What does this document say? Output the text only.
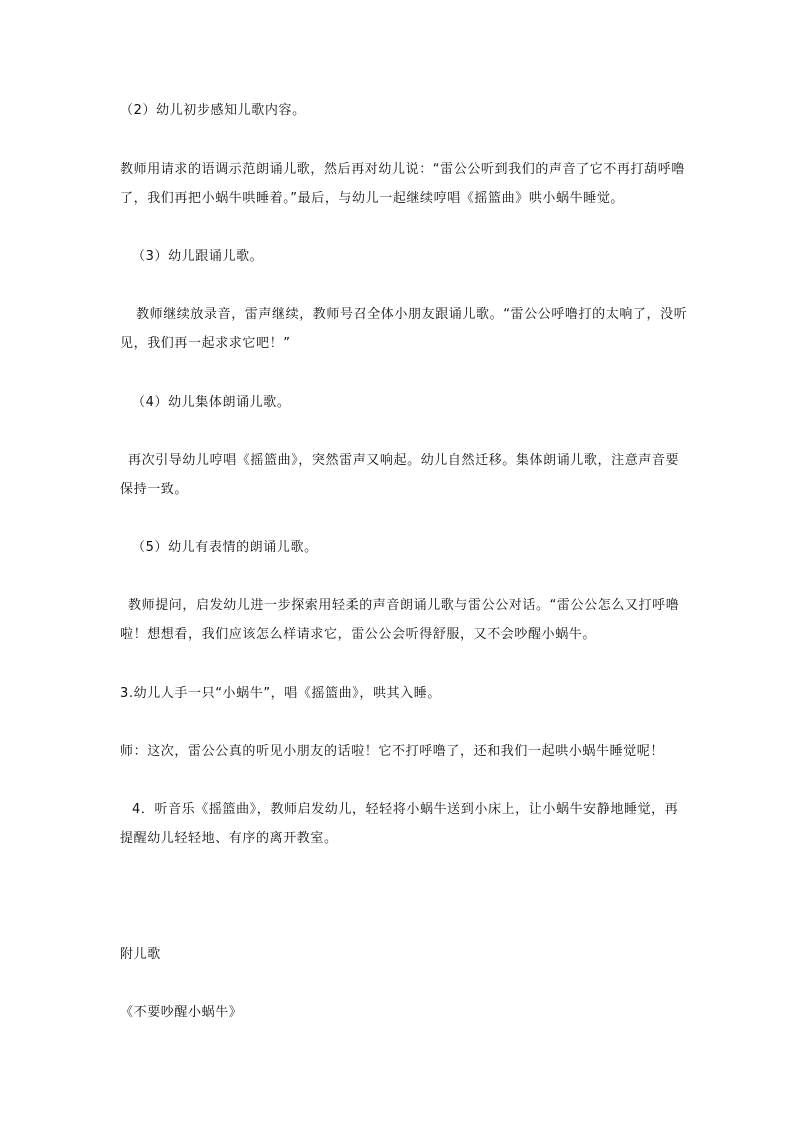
（2）幼儿初步感知儿歌内容。
教师用请求的语调示范朗诵儿歌，然后再对幼儿说：“雷公公听到我们的声音了它不再打葫呼噜
了，我们再把小蜗牛哄睡着。”最后，与幼儿一起继续哼唱《摇篮曲》哄小蜗牛睡觉。
（3）幼儿跟诵儿歌。
教师继续放录音，雷声继续，教师号召全体小朋友跟诵儿歌。“雷公公呼噜打的太响了，没听
见，我们再一起求求它吧！”
（4）幼儿集体朗诵儿歌。
再次引导幼儿哼唱《摇篮曲》，突然雷声又响起。幼儿自然迁移。集体朗诵儿歌，注意声音要
保持一致。
（5）幼儿有表情的朗诵儿歌。
教师提问，启发幼儿进一步探索用轻柔的声音朗诵儿歌与雷公公对话。“雷公公怎么又打呼噜
啦！想想看，我们应该怎么样请求它，雷公公会听得舒服，又不会吵醒小蜗牛。
3.幼儿人手一只“小蜗牛”，唱《摇篮曲》，哄其入睡。
师：这次，雷公公真的听见小朋友的话啦！它不打呼噜了，还和我们一起哄小蜗牛睡觉呢！
4．听音乐《摇篮曲》，教师启发幼儿，轻轻将小蜗牛送到小床上，让小蜗牛安静地睡觉，再
提醒幼儿轻轻地、有序的离开教室。
附儿歌
《不要吵醒小蜗牛》
